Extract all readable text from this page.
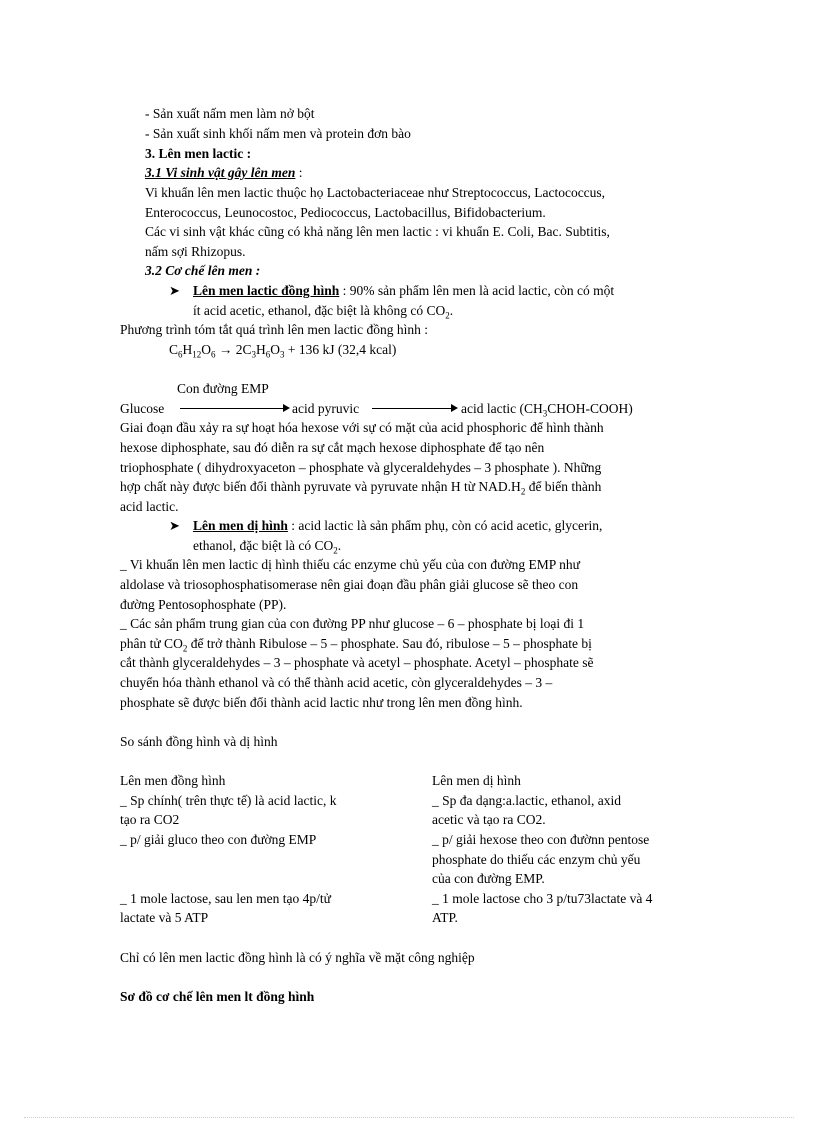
- Sản xuất nấm men làm nở bột
- Sản xuất sinh khối nấm men và protein đơn bào
3. Lên men lactic :
3.1 Vi sinh vật gây lên men :
Vi khuẩn lên men lactic thuộc họ Lactobacteriaceae như Streptococcus, Lactococcus,
Enterococcus, Leunocostoc, Pediococcus, Lactobacillus, Bifidobacterium.
Các vi sinh vật khác cũng có khả năng lên men lactic : vi khuẩn E. Coli, Bac. Subtitis,
nấm sợi Rhizopus.
3.2 Cơ chế lên men :
➤ Lên men lactic đồng hình : 90% sản phẩm lên men là acid lactic, còn có một
ít acid acetic, ethanol, đặc biệt là không có $CO_2$.
Phương trình tóm tắt quá trình lên men lactic đồng hình :
$C_6H_{12}O_6 \to 2C_3H_6O_3 + 136$ kJ (32,4 kcal)
Con đường EMP
Glucose	acid pyruvic	acid lactic $(CH_3CHOH-COOH)$
Giai đoạn đầu xảy ra sự hoạt hóa hexose với sự có mặt của acid phosphoric để hình thành
hexose diphosphate, sau đó diễn ra sự cắt mạch hexose diphosphate để tạo nên
triophosphate ( dihydroxyaceton – phosphate và glyceraldehydes – 3 phosphate ). Những
hợp chất này được biến đổi thành pyruvate và pyruvate nhận H từ $NAD.H_2$ để biến thành
acid lactic.
➤ Lên men dị hình : acid lactic là sản phẩm phụ, còn có acid acetic, glycerin,
ethanol, đặc biệt là có $CO_2$.
_ Vi khuẩn lên men lactic dị hình thiếu các enzyme chủ yếu của con đường EMP như
aldolase và triosophosphatisomerase nên giai đoạn đầu phân giải glucose sẽ theo con
đường Pentosophosphate (PP).
_ Các sản phẩm trung gian của con đường PP như glucose – 6 – phosphate bị loại đi 1
phân tử $CO_2$ để trở thành Ribulose – 5 – phosphate. Sau đó, ribulose – 5 – phosphate bị
cắt thành glyceraldehydes – 3 – phosphate và acetyl – phosphate. Acetyl – phosphate sẽ
chuyển hóa thành ethanol và có thể thành acid acetic, còn glyceraldehydes – 3 –
phosphate sẽ được biến đổi thành acid lactic như trong lên men đồng hình.
So sánh đồng hình và dị hình
Lên men đồng hình
_ Sp chính( trên thực tế) là acid lactic, k
tạo ra CO2
_ p/ giải gluco theo con đường EMP
_ 1 mole lactose, sau len men tạo 4p/tử
lactate và 5 ATP
Lên men dị hình
_ Sp đa dạng:a.lactic, ethanol, axid
acetic và tạo ra CO2.
_ p/ giải hexose theo con đườnn pentose
phosphate do thiếu các enzym chủ yếu
của con đường EMP.
_ 1 mole lactose cho 3 p/tu73lactate và 4
ATP.
Chỉ có lên men lactic đồng hình là có ý nghĩa về mặt công nghiệp
Sơ đồ cơ chế lên men lt đồng hình
